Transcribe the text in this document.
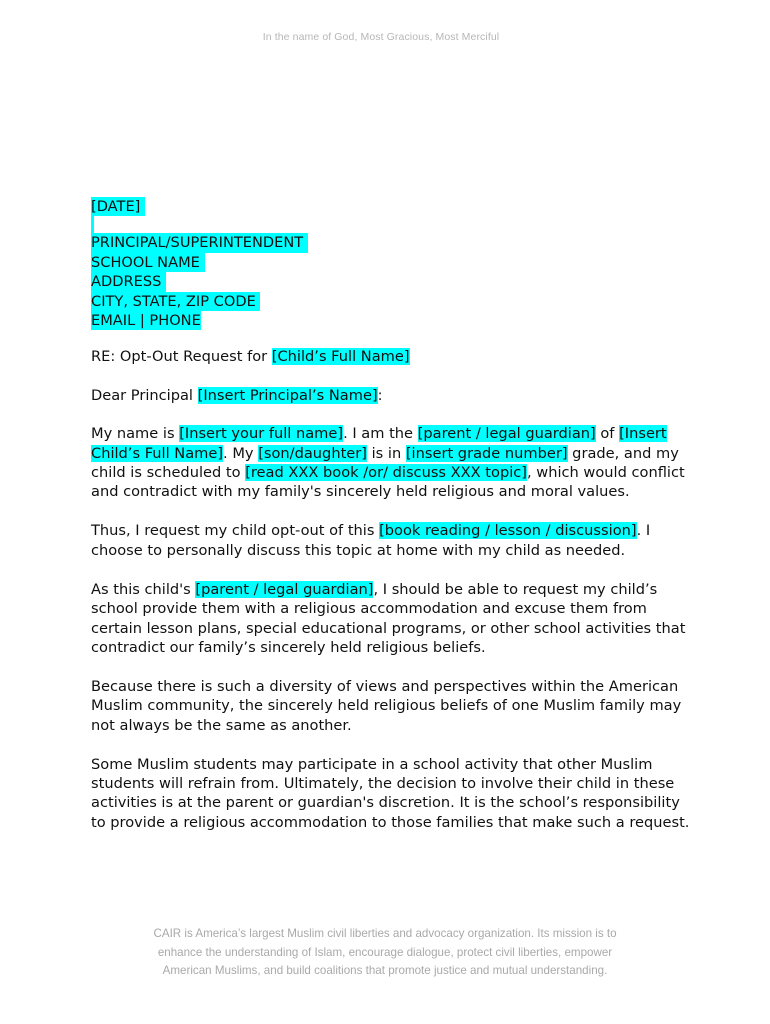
In the name of God, Most Gracious, Most Merciful
[DATE]
PRINCIPAL/SUPERINTENDENT
SCHOOL NAME
ADDRESS
CITY, STATE, ZIP CODE
EMAIL | PHONE

RE: Opt-Out Request for [Child’s Full Name]

Dear Principal [Insert Principal’s Name]:

My name is [Insert your full name]. I am the [parent / legal guardian] of [Insert Child’s Full Name]. My [son/daughter] is in [insert grade number] grade, and my child is scheduled to [read XXX book /or/ discuss XXX topic], which would conflict and contradict with my family's sincerely held religious and moral values.

Thus, I request my child opt-out of this [book reading / lesson / discussion]. I choose to personally discuss this topic at home with my child as needed.

As this child's [parent / legal guardian], I should be able to request my child’s school provide them with a religious accommodation and excuse them from certain lesson plans, special educational programs, or other school activities that contradict our family’s sincerely held religious beliefs.

Because there is such a diversity of views and perspectives within the American Muslim community, the sincerely held religious beliefs of one Muslim family may not always be the same as another.

Some Muslim students may participate in a school activity that other Muslim students will refrain from. Ultimately, the decision to involve their child in these activities is at the parent or guardian's discretion. It is the school’s responsibility to provide a religious accommodation to those families that make such a request.

CAIR is America’s largest Muslim civil liberties and advocacy organization. Its mission is to
enhance the understanding of Islam, encourage dialogue, protect civil liberties, empower
American Muslims, and build coalitions that promote justice and mutual understanding.
